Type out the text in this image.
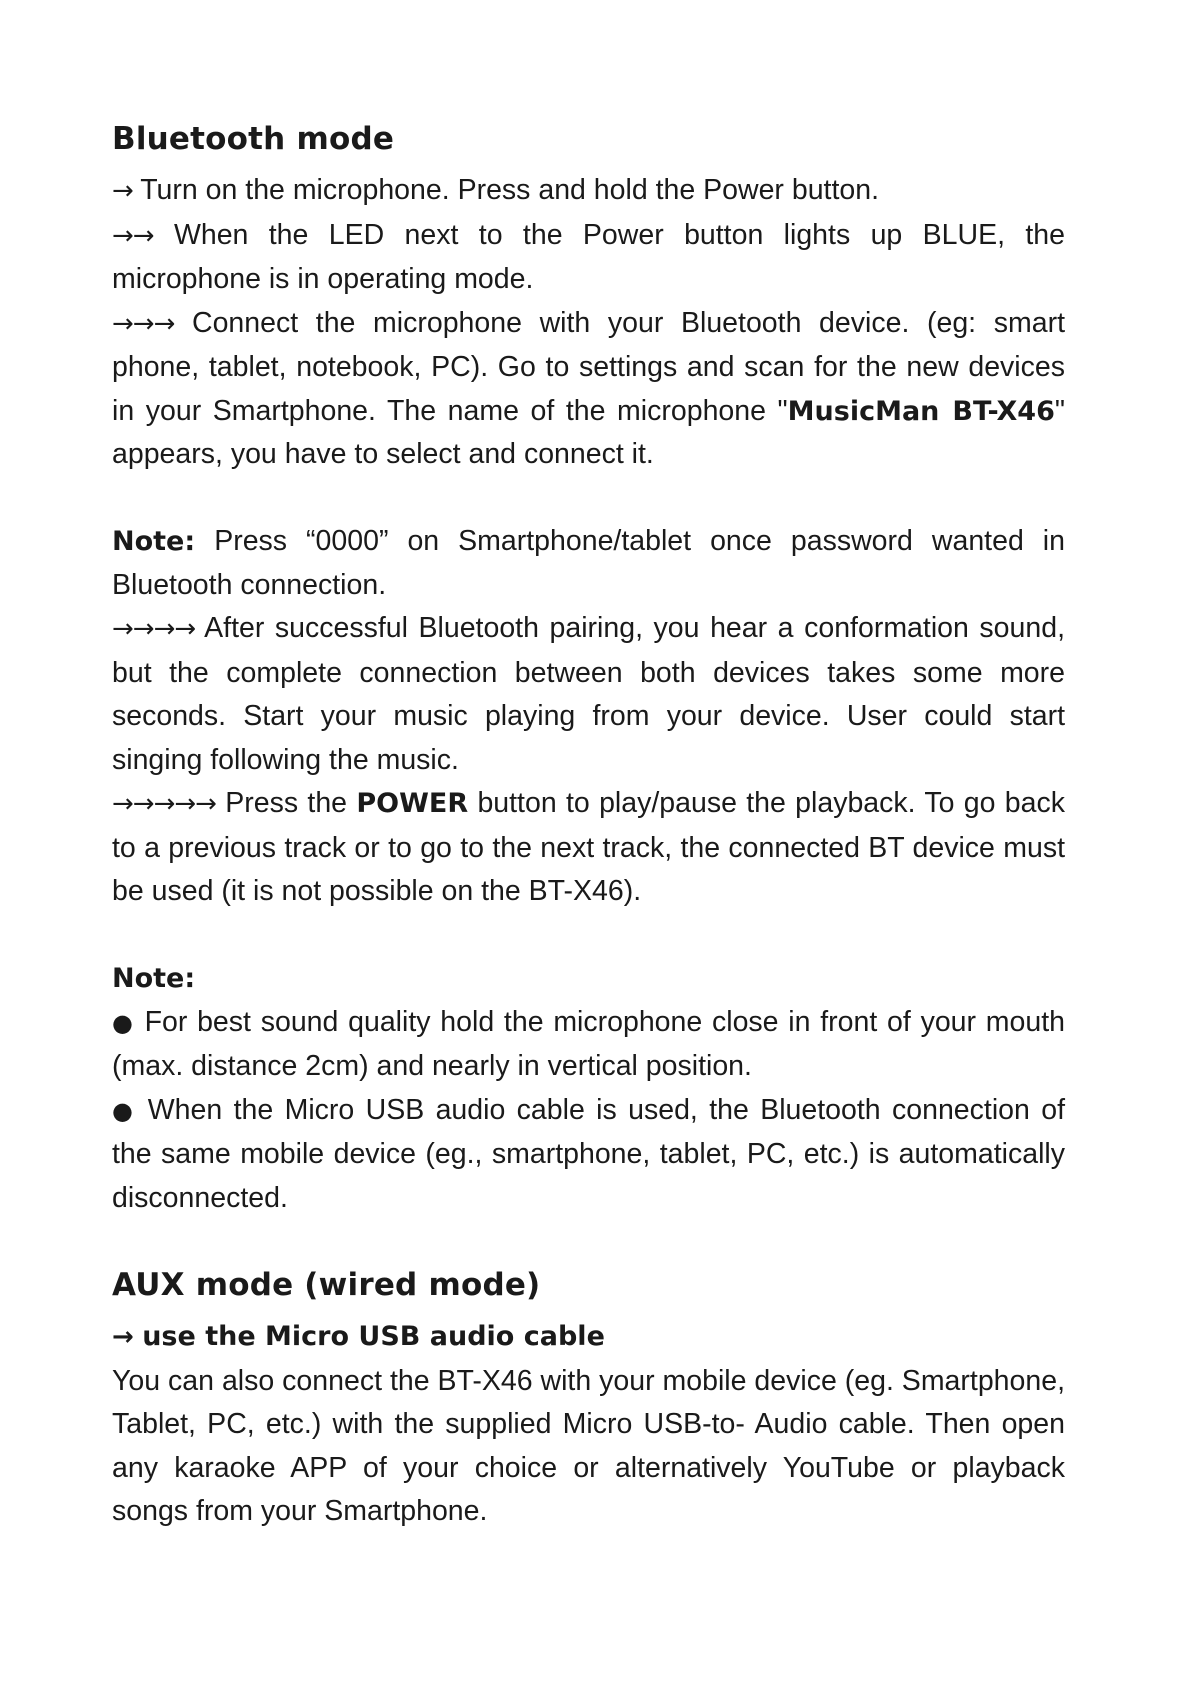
Bluetooth mode

→ Turn on the microphone. Press and hold the Power button.

→→ When the LED next to the Power button lights up BLUE, the microphone is in operating mode.

→→→ Connect the microphone with your Bluetooth device. (eg: smart phone, tablet, notebook, PC). Go to settings and scan for the new devices in your Smartphone. The name of the microphone "MusicMan BT-X46" appears, you have to select and connect it.

Note: Press “0000” on Smartphone/tablet once password wanted in Bluetooth connection.

→→→→ After successful Bluetooth pairing, you hear a conformation sound, but the complete connection between both devices takes some more seconds. Start your music playing from your device. User could start singing following the music.

→→→→→ Press the POWER button to play/pause the playback. To go back to a previous track or to go to the next track, the connected BT device must be used (it is not possible on the BT-X46).

Note:

● For best sound quality hold the microphone close in front of your mouth (max. distance 2cm) and nearly in vertical position.

● When the Micro USB audio cable is used, the Bluetooth connection of the same mobile device (eg., smartphone, tablet, PC, etc.) is automatically disconnected.

AUX mode (wired mode)

→ use the Micro USB audio cable

You can also connect the BT-X46 with your mobile device (eg. Smartphone, Tablet, PC, etc.) with the supplied Micro USB-to- Audio cable. Then open any karaoke APP of your choice or alternatively YouTube or playback songs from your Smartphone.
